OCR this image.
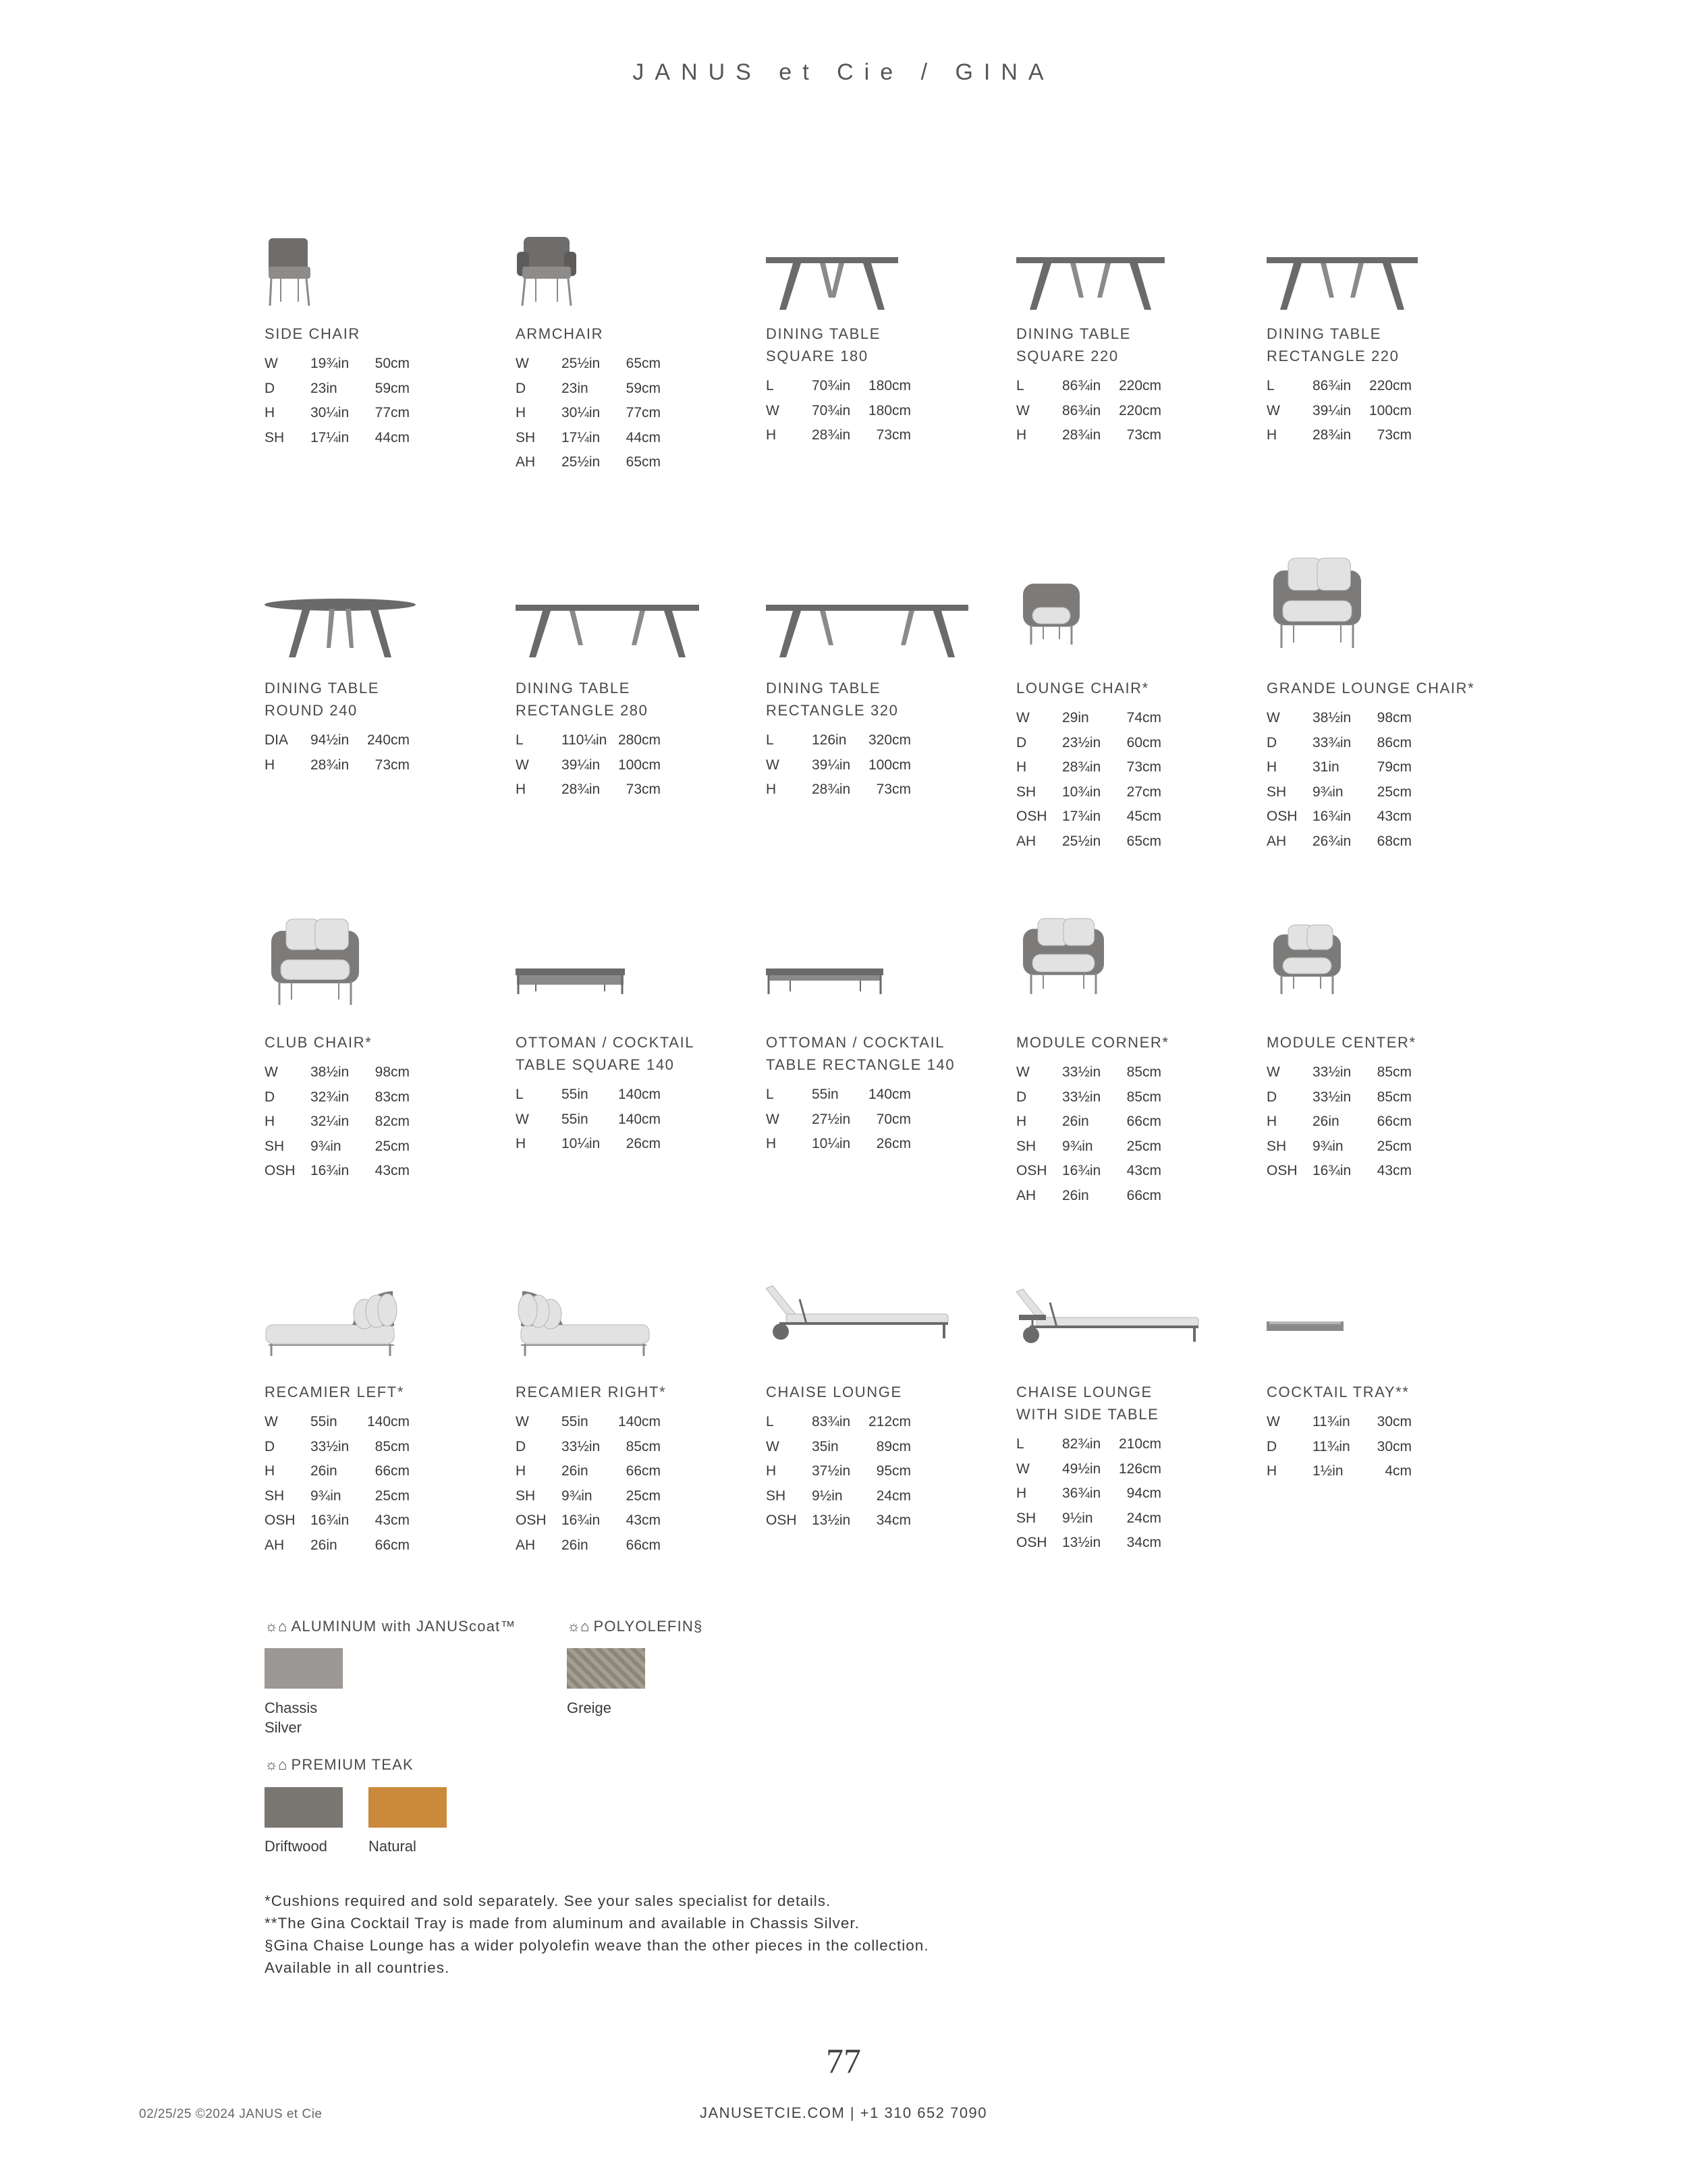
JANUS et Cie / GINA
SIDE CHAIR
W 19¾in 50cm
D	23in	59cm
H	30¼in 77cm
SH 17¼in 44cm
ARMCHAIR
W 25½in 65cm
D	23in	59cm
H	30¼in 77cm
SH 17¼in 44cm
AH 25½in 65cm
DINING TABLE
SQUARE 180
L	70¾in 180cm
W 70¾in 180cm
H	28¾in 73cm
DINING TABLE
SQUARE 220
L	86¾in 220cm
W 86¾in 220cm
H	28¾in 73cm
DINING TABLE
RECTANGLE 220
L	86¾in 220cm
W 39¼in 100cm
H	28¾in 73cm
DINING TABLE
ROUND 240
DIA 94½in 240cm
H	28¾in 73cm
DINING TABLE
RECTANGLE 280
L	110¼in 280cm
W 39¼in 100cm
H	28¾in 73cm
DINING TABLE
RECTANGLE 320
L	126in 320cm
W 39¼in 100cm
H	28¾in 73cm
LOUNGE CHAIR*
W 29in	74cm
D	23½in 60cm
H	28¾in 73cm
SH 10¾in 27cm
OSH 17¾in 45cm
AH 25½in 65cm
GRANDE LOUNGE CHAIR*
W 38½in 98cm
D	33¾in 86cm
H	31in	79cm
SH 9¾in 25cm
OSH 16¾in 43cm
AH 26¾in 68cm
CLUB CHAIR*
W 38½in 98cm
D	32¾in 83cm
H	32¼in 82cm
SH 9¾in 25cm
OSH 16¾in 43cm
OTTOMAN / COCKTAIL
TABLE SQUARE 140
L	55in 140cm
W 55in 140cm
H	10¼in 26cm
OTTOMAN / COCKTAIL
TABLE RECTANGLE 140
L	55in 140cm
W 27½in 70cm
H	10¼in 26cm
MODULE CORNER*
W 33½in 85cm
D	33½in 85cm
H	26in	66cm
SH 9¾in 25cm
OSH 16¾in 43cm
AH 26in	66cm
MODULE CENTER*
W 33½in 85cm
D	33½in 85cm
H	26in	66cm
SH 9¾in 25cm
OSH 16¾in 43cm
RECAMIER LEFT*
W 55in 140cm
D	33½in 85cm
H	26in	66cm
SH 9¾in 25cm
OSH 16¾in 43cm
AH 26in	66cm
RECAMIER RIGHT*
W 55in 140cm
D	33½in 85cm
H	26in	66cm
SH 9¾in 25cm
OSH 16¾in 43cm
AH 26in	66cm
CHAISE LOUNGE
L	83¾in 212cm
W 35in	89cm
H	37½in 95cm
SH 9½in 24cm
OSH 13½in 34cm
CHAISE LOUNGE
WITH SIDE TABLE
L	82¾in 210cm
W 49½in 126cm
H	36¾in 94cm
SH 9½in 24cm
OSH 13½in 34cm
COCKTAIL TRAY**
W 11¾in 30cm
D	11¾in 30cm
H	1½in	4cm
☼⌂ ALUMINUM with JANUScoat™
Chassis
Silver
☼⌂ POLYOLEFIN§
Greige
☼⌂ PREMIUM TEAK
Driftwood	Natural
*Cushions required and sold separately. See your sales specialist for details.
**The Gina Cocktail Tray is made from aluminum and available in Chassis Silver.
§Gina Chaise Lounge has a wider polyolefin weave than the other pieces in the collection.
Available in all countries.
77
02/25/25 ©2024 JANUS et Cie	JANUSETCIE.COM | +1 310 652 7090
